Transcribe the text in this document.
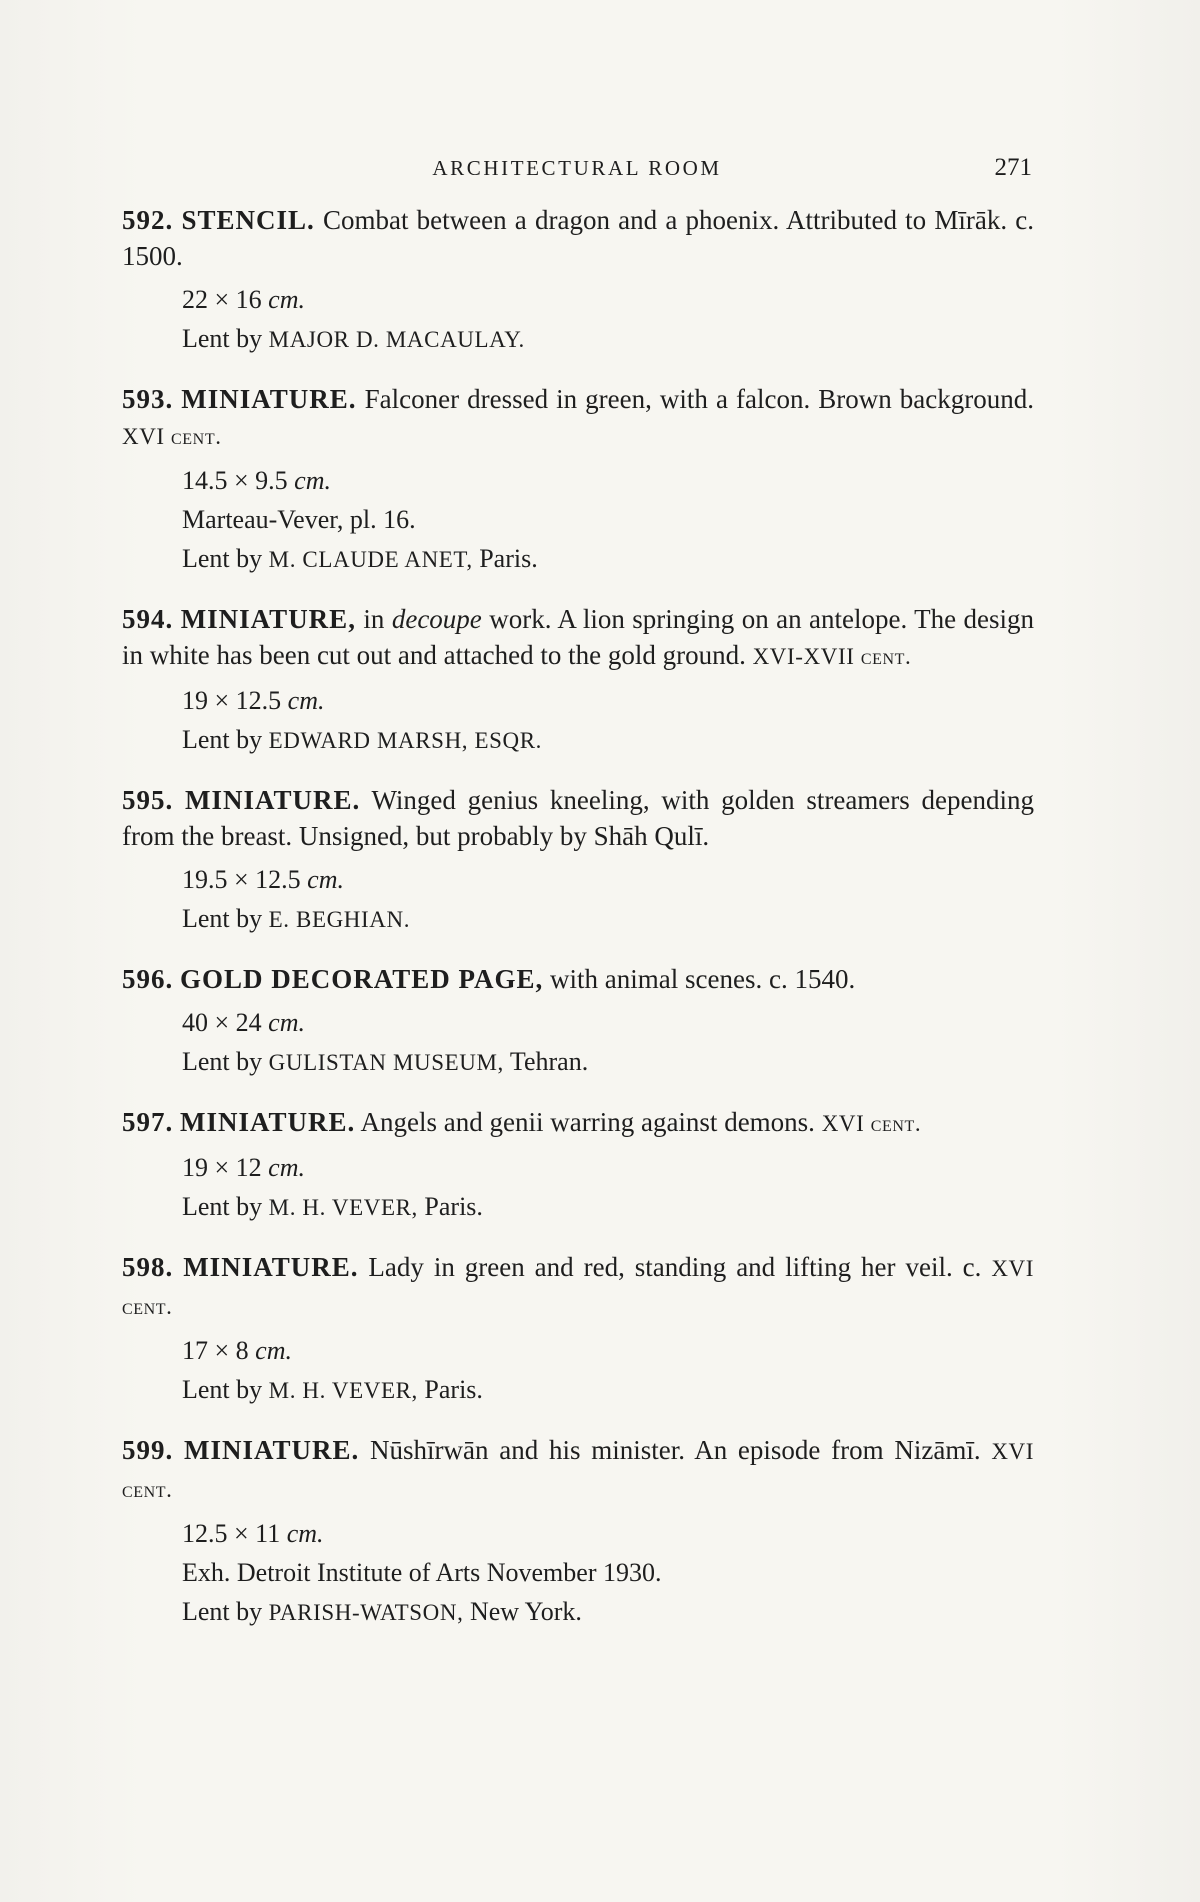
ARCHITECTURAL ROOM	271
592. STENCIL. Combat between a dragon and a phoenix. Attributed to Mīrāk. c. 1500.
22 × 16 cm.
Lent by MAJOR D. MACAULAY.
593. MINIATURE. Falconer dressed in green, with a falcon. Brown background. XVI cent.
14.5 × 9.5 cm.
Marteau-Vever, pl. 16.
Lent by M. CLAUDE ANET, Paris.
594. MINIATURE, in decoupe work. A lion springing on an antelope. The design in white has been cut out and attached to the gold ground. XVI-XVII cent.
19 × 12.5 cm.
Lent by EDWARD MARSH, ESQR.
595. MINIATURE. Winged genius kneeling, with golden streamers depending from the breast. Unsigned, but probably by Shāh Qulī.
19.5 × 12.5 cm.
Lent by E. BEGHIAN.
596. GOLD DECORATED PAGE, with animal scenes. c. 1540.
40 × 24 cm.
Lent by GULISTAN MUSEUM, Tehran.
597. MINIATURE. Angels and genii warring against demons. XVI cent.
19 × 12 cm.
Lent by M. H. VEVER, Paris.
598. MINIATURE. Lady in green and red, standing and lifting her veil. c. XVI cent.
17 × 8 cm.
Lent by M. H. VEVER, Paris.
599. MINIATURE. Nūshīrwān and his minister. An episode from Nizāmī. XVI cent.
12.5 × 11 cm.
Exh. Detroit Institute of Arts November 1930.
Lent by PARISH-WATSON, New York.
